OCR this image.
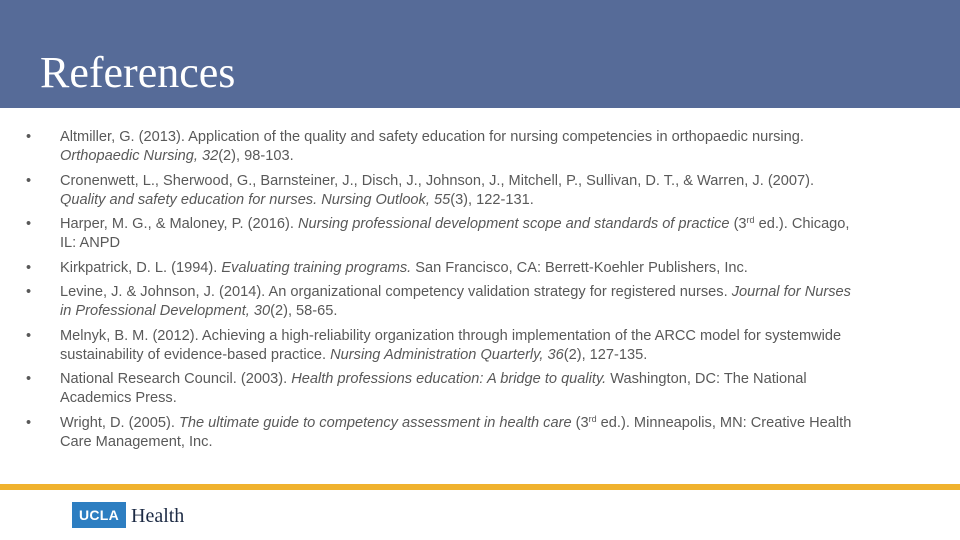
References
•	Altmiller, G. (2013). Application of the quality and safety education for nursing competencies in orthopaedic nursing. Orthopaedic Nursing, 32(2), 98-103.
•	Cronenwett, L., Sherwood, G., Barnsteiner, J., Disch, J., Johnson, J., Mitchell, P., Sullivan, D. T., & Warren, J. (2007). Quality and safety education for nurses. Nursing Outlook, 55(3), 122-131.
•	Harper, M. G., & Maloney, P. (2016). Nursing professional development scope and standards of practice (3rd ed.). Chicago, IL: ANPD
•	Kirkpatrick, D. L. (1994). Evaluating training programs. San Francisco, CA: Berrett-Koehler Publishers, Inc.
•	Levine, J. & Johnson, J. (2014). An organizational competency validation strategy for registered nurses. Journal for Nurses in Professional Development, 30(2), 58-65.
•	Melnyk, B. M. (2012). Achieving a high-reliability organization through implementation of the ARCC model for systemwide sustainability of evidence-based practice. Nursing Administration Quarterly, 36(2), 127-135.
•	National Research Council. (2003). Health professions education: A bridge to quality. Washington, DC: The National Academics Press.
•	Wright, D. (2005). The ultimate guide to competency assessment in health care (3rd ed.). Minneapolis, MN: Creative Health Care Management, Inc.
UCLA Health
